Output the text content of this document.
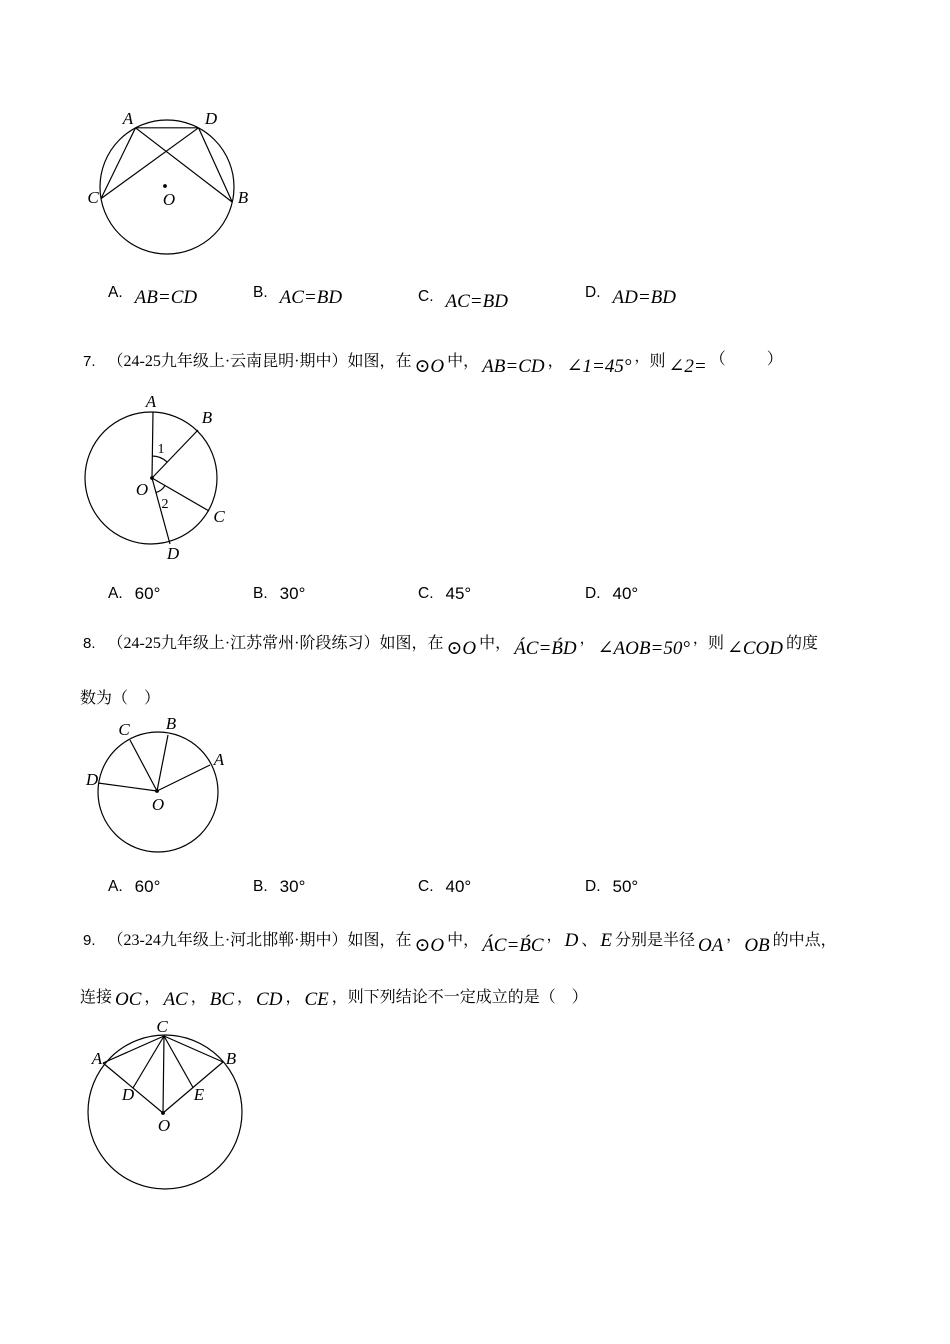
A	D
C	B
O
A. AB=CD	B. AC=BD	C. AC=BD	D. AD=BD
7. （24-25九年级上·云南昆明·期中）如图，在 ⊙O 中， AB=CD ， ∠1=45° ，则 ∠2= （　　）
A
B
C
D
O
1
2
A. 60°	B. 30°	C. 45°	D. 40°
8. （24-25九年级上·江苏常州·阶段练习）如图，在 ⊙O 中， ÁC=B́D ， ∠AOB=50° ，则 ∠COD 的度
数为（　）
B
C
A
D
O
A. 60°	B. 30°	C. 40°	D. 50°
9. （23-24九年级上·河北邯郸·期中）如图，在 ⊙O 中， ÁC=B́C ， D 、 E 分别是半径 OA ， OB 的中点，
连接 OC ， AC ， BC ， CD ， CE ，则下列结论不一定成立的是（　）
C
A	B
D	E
O
